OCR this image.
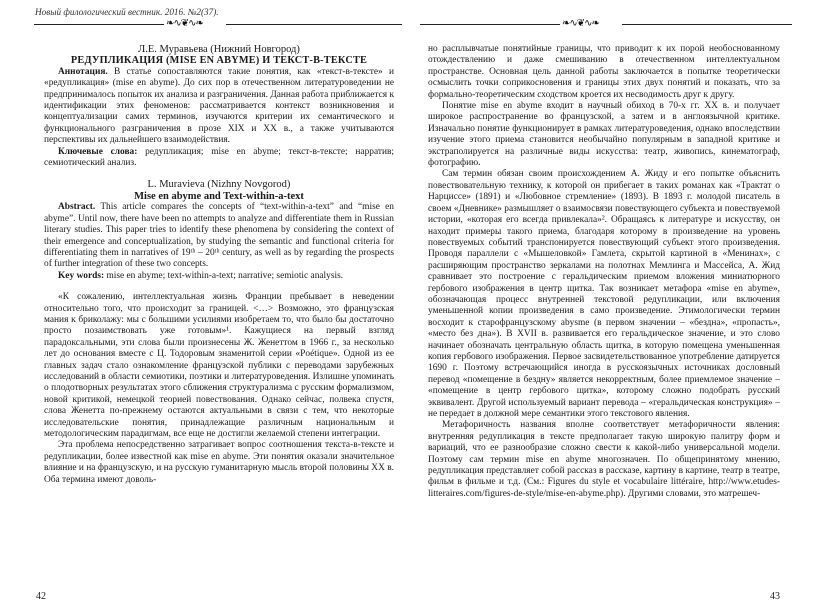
Новый филологический вестник. 2016. №2(37).
❧∿❦∿❧

Л.Е. Муравьева (Нижний Новгород)

РЕДУПЛИКАЦИЯ (MISE EN ABYME) И ТЕКСТ-В-ТЕКСТЕ

Аннотация. В статье сопоставляются такие понятия, как «текст-в-тексте» и «редупликация» (mise en abyme). До сих пор в отечественном литературоведении не предпринималось попыток их анализа и разграничения. Данная работа приближается к идентификации этих феноменов: рассматривается контекст возникновения и концептуализации самих терминов, изучаются критерии их семантического и функционального разграничения в прозе XIX и XX в., а также учитываются перспективы их дальнейшего взаимодействия.

Ключевые слова: редупликация; mise en abyme; текст-в-тексте; нарратив; семиотический анализ.

L. Muravieva (Nizhny Novgorod)

Mise en abyme and Text-within-a-text

Abstract. This article compares the concepts of “text-within-a-text” and “mise en abyme”. Until now, there have been no attempts to analyze and differentiate them in Russian literary studies. This paper tries to identify these phenomena by considering the context of their emergence and conceptualization, by studying the semantic and functional criteria for differentiating them in narratives of 19ᵗʰ – 20ᵗʰ century, as well as by regarding the prospects of further integration of these two concepts.

Key words: mise en abyme; text-within-a-text; narrative; semiotic analysis.

«К сожалению, интеллектуальная жизнь Франции пребывает в неведении относительно того, что происходит за границей. <…> Возможно, это французская мания к бриколажу: мы с большими усилиями изобретаем то, что было бы достаточно просто позаимствовать уже готовым»¹. Кажущиеся на первый взгляд парадоксальными, эти слова были произнесены Ж. Женеттом в 1966 г., за несколько лет до основания вместе с Ц. Тодоровым знаменитой серии «Poétique». Одной из ее главных задач стало ознакомление французской публики с переводами зарубежных исследований в области семиотики, поэтики и литературоведения. Излишне упоминать о плодотворных результатах этого сближения структурализма с русским формализмом, новой критикой, немецкой теорией повествования. Однако сейчас, полвека спустя, слова Женетта по-прежнему остаются актуальными в связи с тем, что некоторые исследовательские понятия, принадлежащие различным национальным и методологическим парадигмам, все еще не достигли желаемой степени интеграции.

Эта проблема непосредственно затрагивает вопрос соотношения текста-в-тексте и редупликации, более известной как mise en abyme. Эти понятия оказали значительное влияние и на французскую, и на русскую гуманитарную мысль второй половины XX в. Оба термина имеют доволь-

42
❧∿❦∿❧

но расплывчатые понятийные границы, что приводит к их порой необоснованному отождествлению и даже смешиванию в отечественном интеллектуальном пространстве. Основная цель данной работы заключается в попытке теоретически осмыслить точки соприкосновения и границы этих двух понятий и показать, что за формально-теоретическим сходством кроется их несводимость друг к другу.

Понятие mise en abyme входит в научный обиход в 70-х гг. XX в. и получает широкое распространение во французской, а затем и в англоязычной критике. Изначально понятие функционирует в рамках литературоведения, однако впоследствии изучение этого приема становится необычайно популярным в западной критике и экстраполируется на различные виды искусства: театр, живопись, кинематограф, фотографию.

Сам термин обязан своим происхождением А. Жиду и его попытке объяснить повествовательную технику, к которой он прибегает в таких романах как «Трактат о Нарциссе» (1891) и «Любовное стремление» (1893). В 1893 г. молодой писатель в своем «Дневнике» размышляет о взаимосвязи повествующего субъекта и повествуемой истории, «которая его всегда привлекала»². Обращаясь к литературе и искусству, он находит примеры такого приема, благодаря которому в произведение на уровень повествуемых событий транспонируется повествующий субъект этого произведения. Проводя параллели с «Мышеловкой» Гамлета, скрытой картиной в «Менинах», с расширяющим пространство зеркалами на полотнах Мемлинга и Массейса, А. Жид сравнивает это построение с геральдическим приемом вложения миниатюрного гербового изображения в центр щитка. Так возникает метафора «mise en abyme», обозначающая процесс внутренней текстовой редупликации, или включения уменьшенной копии произведения в само произведение. Этимологически термин восходит к старофранцузскому abysme (в первом значении – «бездна», «пропасть», «место без дна»). В XVII в. развивается его геральдическое значение, и это слово начинает обозначать центральную область щитка, в которую помещена уменьшенная копия гербового изображения. Первое засвидетельствованное употребление датируется 1690 г. Поэтому встречающийся иногда в русскоязычных источниках дословный перевод «помещение в бездну» является некорректным, более приемлемое значение – «помещение в центр гербового щитка», которому сложно подобрать русский эквивалент. Другой используемый вариант перевода – «геральдическая конструкция» – не передает в должной мере семантики этого текстового явления.

Метафоричность названия вполне соответствует метафоричности явления: внутренняя редупликация в тексте предполагает такую широкую палитру форм и вариаций, что ее разнообразие сложно свести к какой-либо универсальной модели. Поэтому сам термин mise en abyme многозначен. По общепринятому мнению, редупликация представляет собой рассказ в рассказе, картину в картине, театр в театре, фильм в фильме и т.д. (См.: Figures du style et vocabulaire littéraire, http://www.etudes-litteraires.com/figures-de-style/mise-en-abyme.php). Другими словами, это матрешеч-

43
